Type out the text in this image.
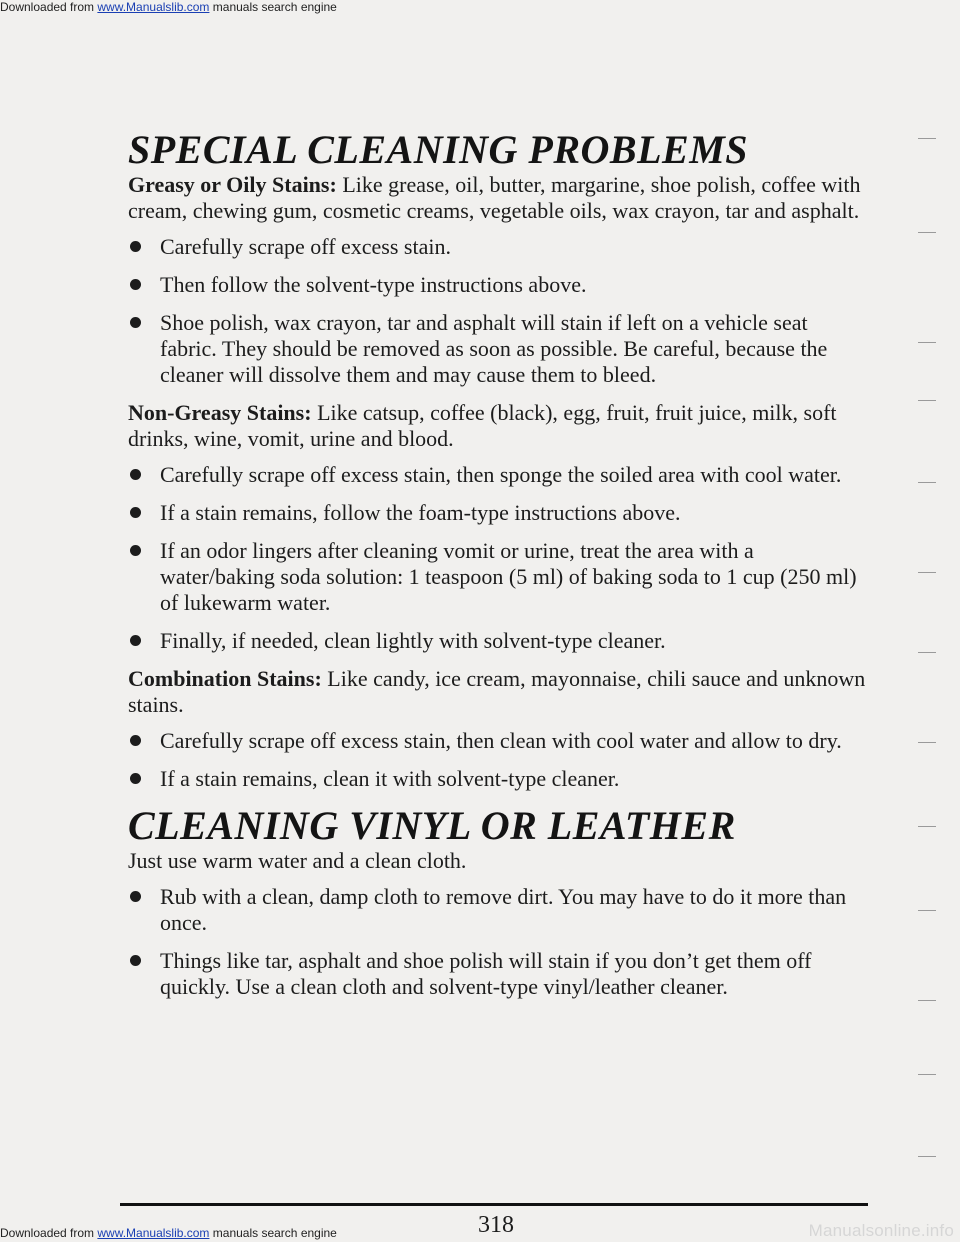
Downloaded from www.Manualslib.com manuals search engine
SPECIAL CLEANING PROBLEMS

Greasy or Oily Stains: Like grease, oil, butter, margarine, shoe polish, coffee with cream, chewing gum, cosmetic creams, vegetable oils, wax crayon, tar and asphalt.

Carefully scrape off excess stain.
Then follow the solvent-type instructions above.
Shoe polish, wax crayon, tar and asphalt will stain if left on a vehicle seat fabric. They should be removed as soon as possible. Be careful, because the cleaner will dissolve them and may cause them to bleed.

Non-Greasy Stains: Like catsup, coffee (black), egg, fruit, fruit juice, milk, soft drinks, wine, vomit, urine and blood.

Carefully scrape off excess stain, then sponge the soiled area with cool water.
If a stain remains, follow the foam-type instructions above.
If an odor lingers after cleaning vomit or urine, treat the area with a water/baking soda solution: 1 teaspoon (5 ml) of baking soda to 1 cup (250 ml) of lukewarm water.
Finally, if needed, clean lightly with solvent-type cleaner.

Combination Stains: Like candy, ice cream, mayonnaise, chili sauce and unknown stains.

Carefully scrape off excess stain, then clean with cool water and allow to dry.
If a stain remains, clean it with solvent-type cleaner.
CLEANING VINYL OR LEATHER

Just use warm water and a clean cloth.

Rub with a clean, damp cloth to remove dirt. You may have to do it more than once.
Things like tar, asphalt and shoe polish will stain if you don’t get them off quickly. Use a clean cloth and solvent-type vinyl/leather cleaner.
318
Downloaded from www.Manualslib.com manuals search engine	Manualsonline.info
